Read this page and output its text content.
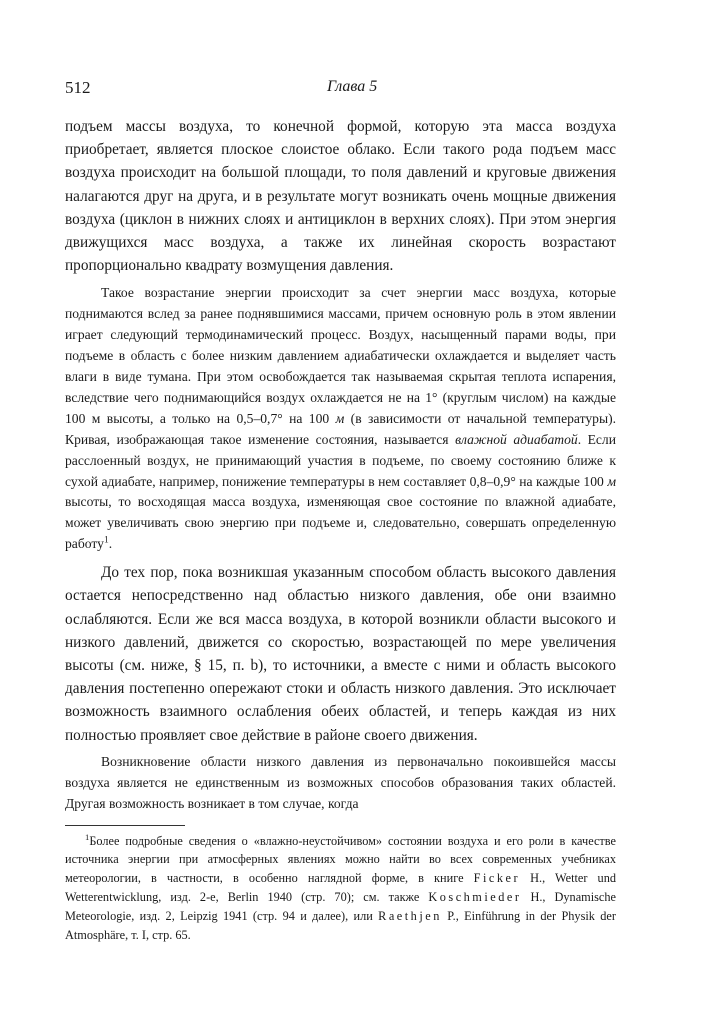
512	Глава 5

подъем массы воздуха, то конечной формой, которую эта масса воздуха приобретает, является плоское слоистое облако. Если такого рода подъем масс воздуха происходит на большой площади, то поля давлений и круговые движения налагаются друг на друга, и в результате могут возникать очень мощные движения воздуха (циклон в нижних слоях и антициклон в верхних слоях). При этом энергия движущихся масс воздуха, а также их линейная скорость возрастают пропорционально квадрату возмущения давления.

Такое возрастание энергии происходит за счет энергии масс воздуха, которые поднимаются вслед за ранее поднявшимися массами, причем основную роль в этом явлении играет следующий термодинамический процесс. Воздух, насыщенный парами воды, при подъеме в область с более низким давлением адиабатически охлаждается и выделяет часть влаги в виде тумана. При этом освобождается так называемая скрытая теплота испарения, вследствие чего поднимающийся воздух охлаждается не на 1° (круглым числом) на каждые 100 м высоты, а только на 0,5–0,7° на 100 м (в зависимости от начальной температуры). Кривая, изображающая такое изменение состояния, называется влажной адиабатой. Если расслоенный воздух, не принимающий участия в подъеме, по своему состоянию ближе к сухой адиабате, например, понижение температуры в нем составляет 0,8–0,9° на каждые 100 м высоты, то восходящая масса воздуха, изменяющая свое состояние по влажной адиабате, может увеличивать свою энергию при подъеме и, следовательно, совершать определенную работу$^1$.

До тех пор, пока возникшая указанным способом область высокого давления остается непосредственно над областью низкого давления, обе они взаимно ослабляются. Если же вся масса воздуха, в которой возникли области высокого и низкого давлений, движется со скоростью, возрастающей по мере увеличения высоты (см. ниже, § 15, п. b), то источники, а вместе с ними и область высокого давления постепенно опережают стоки и область низкого давления. Это исключает возможность взаимного ослабления обеих областей, и теперь каждая из них полностью проявляет свое действие в районе своего движения.

Возникновение области низкого давления из первоначально покоившейся массы воздуха является не единственным из возможных способов образования таких областей. Другая возможность возникает в том случае, когда

$^1$Более подробные сведения о «влажно-неустойчивом» состоянии воздуха и его роли в качестве источника энергии при атмосферных явлениях можно найти во всех современных учебниках метеорологии, в частности, в особенно наглядной форме, в книге Ficker H., Wetter und Wetterentwicklung, изд. 2-е, Berlin 1940 (стр. 70); см. также Koschmieder H., Dynamische Meteorologie, изд. 2, Leipzig 1941 (стр. 94 и далее), или Raethjen P., Einführung in der Physik der Atmosphäre, т. I, стр. 65.
